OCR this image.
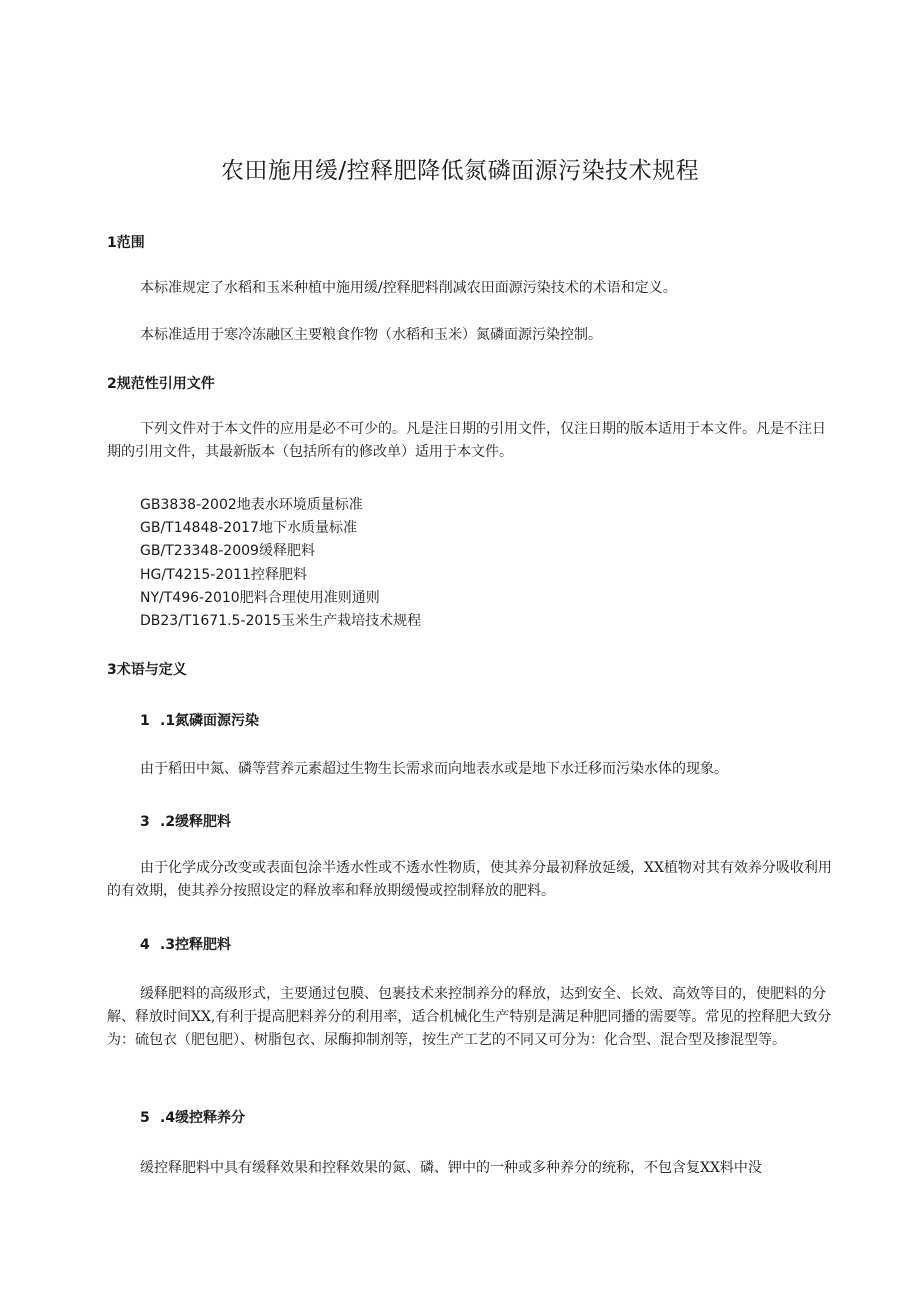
农田施用缓/控释肥降低氮磷面源污染技术规程
1范围

本标准规定了水稻和玉米种植中施用缓/控释肥料削减农田面源污染技术的术语和定义。

本标准适用于寒冷冻融区主要粮食作物（水稻和玉米）氮磷面源污染控制。

2规范性引用文件

下列文件对于本文件的应用是必不可少的。凡是注日期的引用文件，仅注日期的版本适用于本文件。凡是不注日期的引用文件，其最新版本（包括所有的修改单）适用于本文件。

GB3838-2002地表水环境质量标准
GB/T14848-2017地下水质量标准
GB/T23348-2009缓释肥料
HG/T4215-2011控释肥料
NY/T496-2010肥料合理使用准则通则
DB23/T1671.5-2015玉米生产栽培技术规程
3术语与定义
1 .1氮磷面源污染

由于稻田中氮、磷等营养元素超过生物生长需求而向地表水或是地下水迁移而污染水体的现象。

3 .2缓释肥料

由于化学成分改变或表面包涂半透水性或不透水性物质，使其养分最初释放延缓，XX植物对其有效养分吸收利用的有效期，使其养分按照设定的释放率和释放期缓慢或控制释放的肥料。

4 .3控释肥料

缓释肥料的高级形式，主要通过包膜、包裹技术来控制养分的释放，达到安全、长效、高效等目的，使肥料的分解、释放时间XX,有利于提高肥料养分的利用率，适合机械化生产特别是满足种肥同播的需要等。常见的控释肥大致分为：硫包衣（肥包肥）、树脂包衣、尿酶抑制剂等，按生产工艺的不同又可分为：化合型、混合型及掺混型等。

5 .4缓控释养分

缓控释肥料中具有缓释效果和控释效果的氮、磷、钾中的一种或多种养分的统称，不包含复XX料中没
